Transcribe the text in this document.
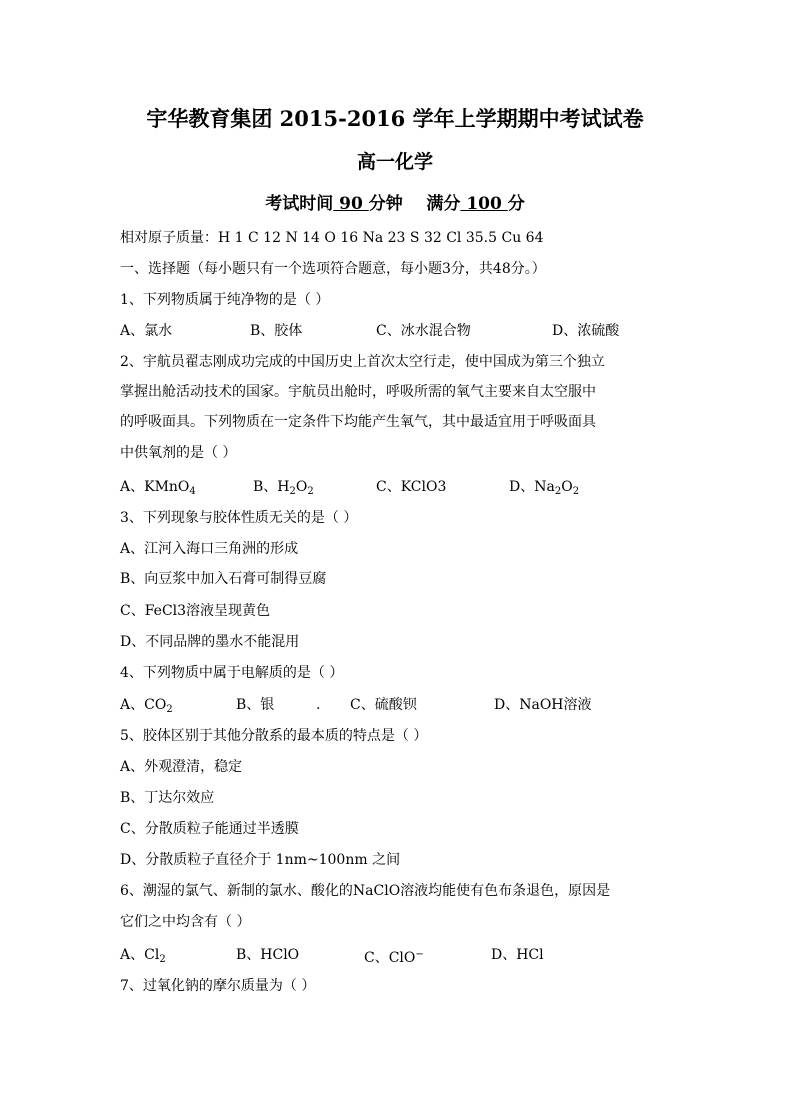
宇华教育集团 2015-2016 学年上学期期中考试试卷
高一化学
考试时间 90 分钟 满分 100 分
相对原子质量：H 1 C 12 N 14 O 16 Na 23 S 32 Cl 35.5 Cu 64
一、选择题（每小题只有一个选项符合题意，每小题3分，共48分。）
1、下列物质属于纯净物的是（ ）
A、氯水	B、胶体	C、冰水混合物	D、浓硫酸
2、宇航员翟志刚成功完成的中国历史上首次太空行走，使中国成为第三个独立
掌握出舱活动技术的国家。宇航员出舱时，呼吸所需的氧气主要来自太空服中
的呼吸面具。下列物质在一定条件下均能产生氧气，其中最适宜用于呼吸面具
中供氧剂的是（ ）
A、KMnO$_4$	B、$H_2O_2$	C、KClO3	D、$Na_2O_2$
3、下列现象与胶体性质无关的是（ ）
A、江河入海口三角洲的形成
B、向豆浆中加入石膏可制得豆腐
C、FeCl3溶液呈现黄色
D、不同品牌的墨水不能混用
4、下列物质中属于电解质的是（ ）
A、$CO_2$	B、银	. C、硫酸钡	D、NaOH溶液
5、胶体区别于其他分散系的最本质的特点是（ ）
A、外观澄清，稳定
B、丁达尔效应
C、分散质粒子能通过半透膜
D、分散质粒子直径介于 1nm~100nm 之间
6、潮湿的氯气、新制的氯水、酸化的NaClO溶液均能使有色布条退色，原因是
它们之中均含有（ ）
A、$Cl_2$	B、HClO	C、ClO−	D、HCl
7、过氧化钠的摩尔质量为（ ）
